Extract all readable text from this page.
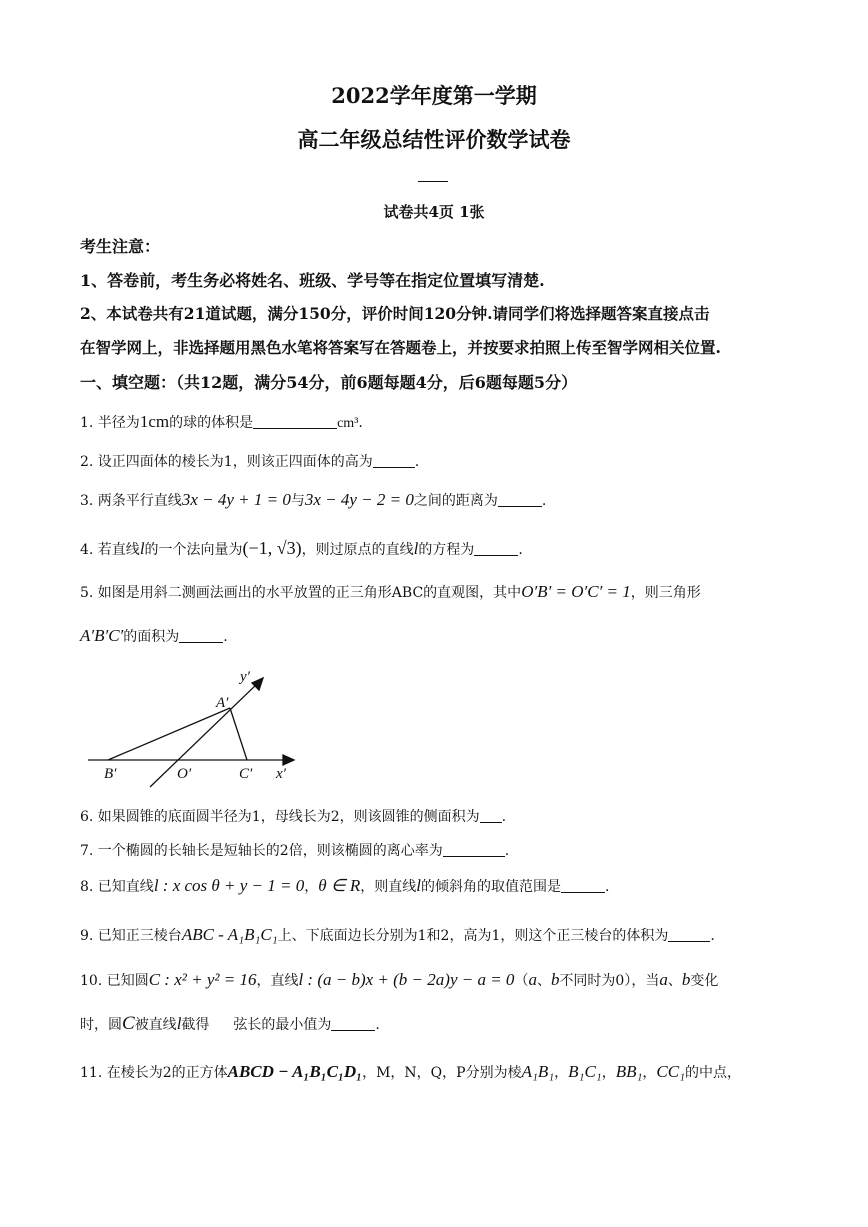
2022学年度第一学期
高二年级总结性评价数学试卷
试卷共4页 1张
考生注意：
1、答卷前，考生务必将姓名、班级、学号等在指定位置填写清楚.
2、本试卷共有21道试题，满分150分，评价时间120分钟.请同学们将选择题答案直接点击
在智学网上，非选择题用黑色水笔将答案写在答题卷上，并按要求拍照上传至智学网相关位置.
一、填空题：（共12题，满分54分，前6题每题4分，后6题每题5分）
1. 半径为1cm的球的体积是	cm³.
2. 设正四面体的棱长为1，则该正四面体的高为	.
3. 两条平行直线3x − 4y + 1 = 0与3x − 4y − 2 = 0之间的距离为	.
4. 若直线l的一个法向量为(−1, √3)，则过原点的直线l的方程为	.
5. 如图是用斜二测画法画出的水平放置的正三角形ABC的直观图，其中O′B′ = O′C′ = 1，则三角形
A′B′C′的面积为	.
y′
A′
B′	O′	C′ x′
6. 如果圆锥的底面圆半径为1，母线长为2，则该圆锥的侧面积为 .
7. 一个椭圆的长轴长是短轴长的2倍，则该椭圆的离心率为	.
8. 已知直线l : x cos θ + y − 1 = 0，θ ∈ R，则直线l的倾斜角的取值范围是	.
9. 已知正三棱台ABC - A₁B₁C₁上、下底面边长分别为1和2，高为1，则这个正三棱台的体积为	.
10. 已知圆C : x² + y² = 16，直线l : (a − b)x + (b − 2a)y − a = 0（a、b不同时为0），当a、b变化
时，圆C被直线l截得 弦长的最小值为	.
11. 在棱长为2的正方体ABCD − A₁B₁C₁D₁，M，N，Q，P分别为棱A₁B₁，B₁C₁，BB₁，CC₁的中点，
